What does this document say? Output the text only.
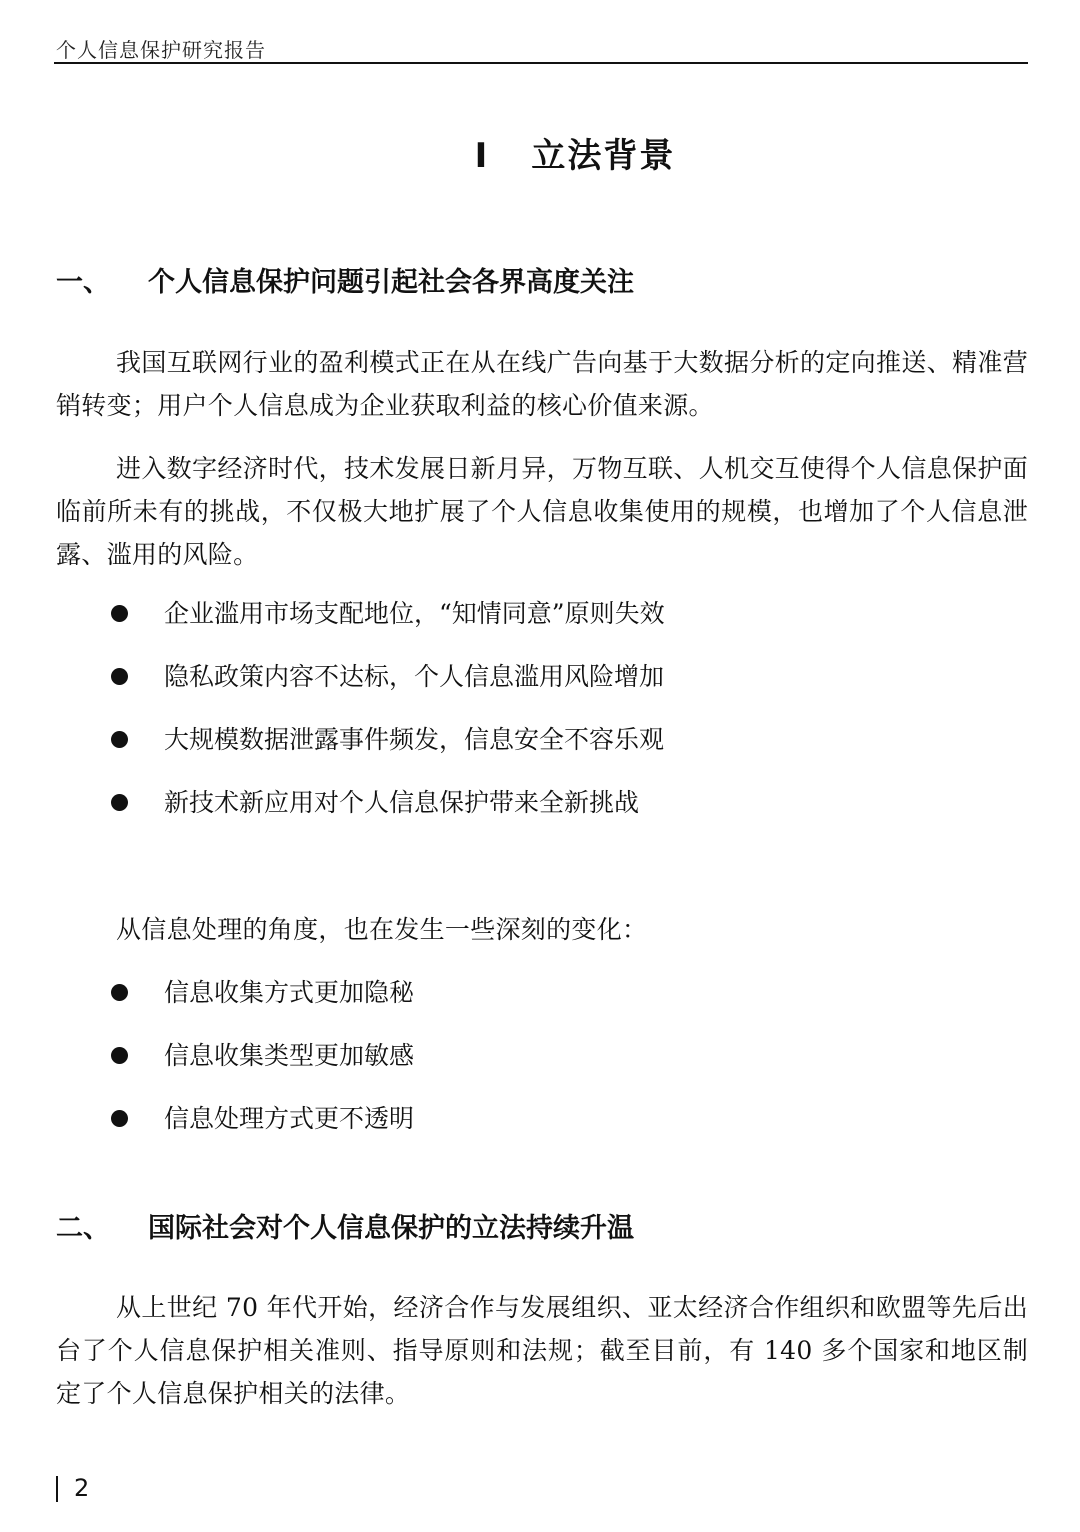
个人信息保护研究报告
I 立法背景
一、 个人信息保护问题引起社会各界高度关注

我国互联网行业的盈利模式正在从在线广告向基于大数据分析的定向推送、精准营销转变；用户个人信息成为企业获取利益的核心价值来源。

进入数字经济时代，技术发展日新月异，万物互联、人机交互使得个人信息保护面临前所未有的挑战，不仅极大地扩展了个人信息收集使用的规模，也增加了个人信息泄露、滥用的风险。

企业滥用市场支配地位，“知情同意”原则失效
隐私政策内容不达标，个人信息滥用风险增加
大规模数据泄露事件频发，信息安全不容乐观
新技术新应用对个人信息保护带来全新挑战

从信息处理的角度，也在发生一些深刻的变化：

信息收集方式更加隐秘
信息收集类型更加敏感
信息处理方式更不透明
二、 国际社会对个人信息保护的立法持续升温

从上世纪 70 年代开始，经济合作与发展组织、亚太经济合作组织和欧盟等先后出台了个人信息保护相关准则、指导原则和法规；截至目前，有 140 多个国家和地区制定了个人信息保护相关的法律。

2
